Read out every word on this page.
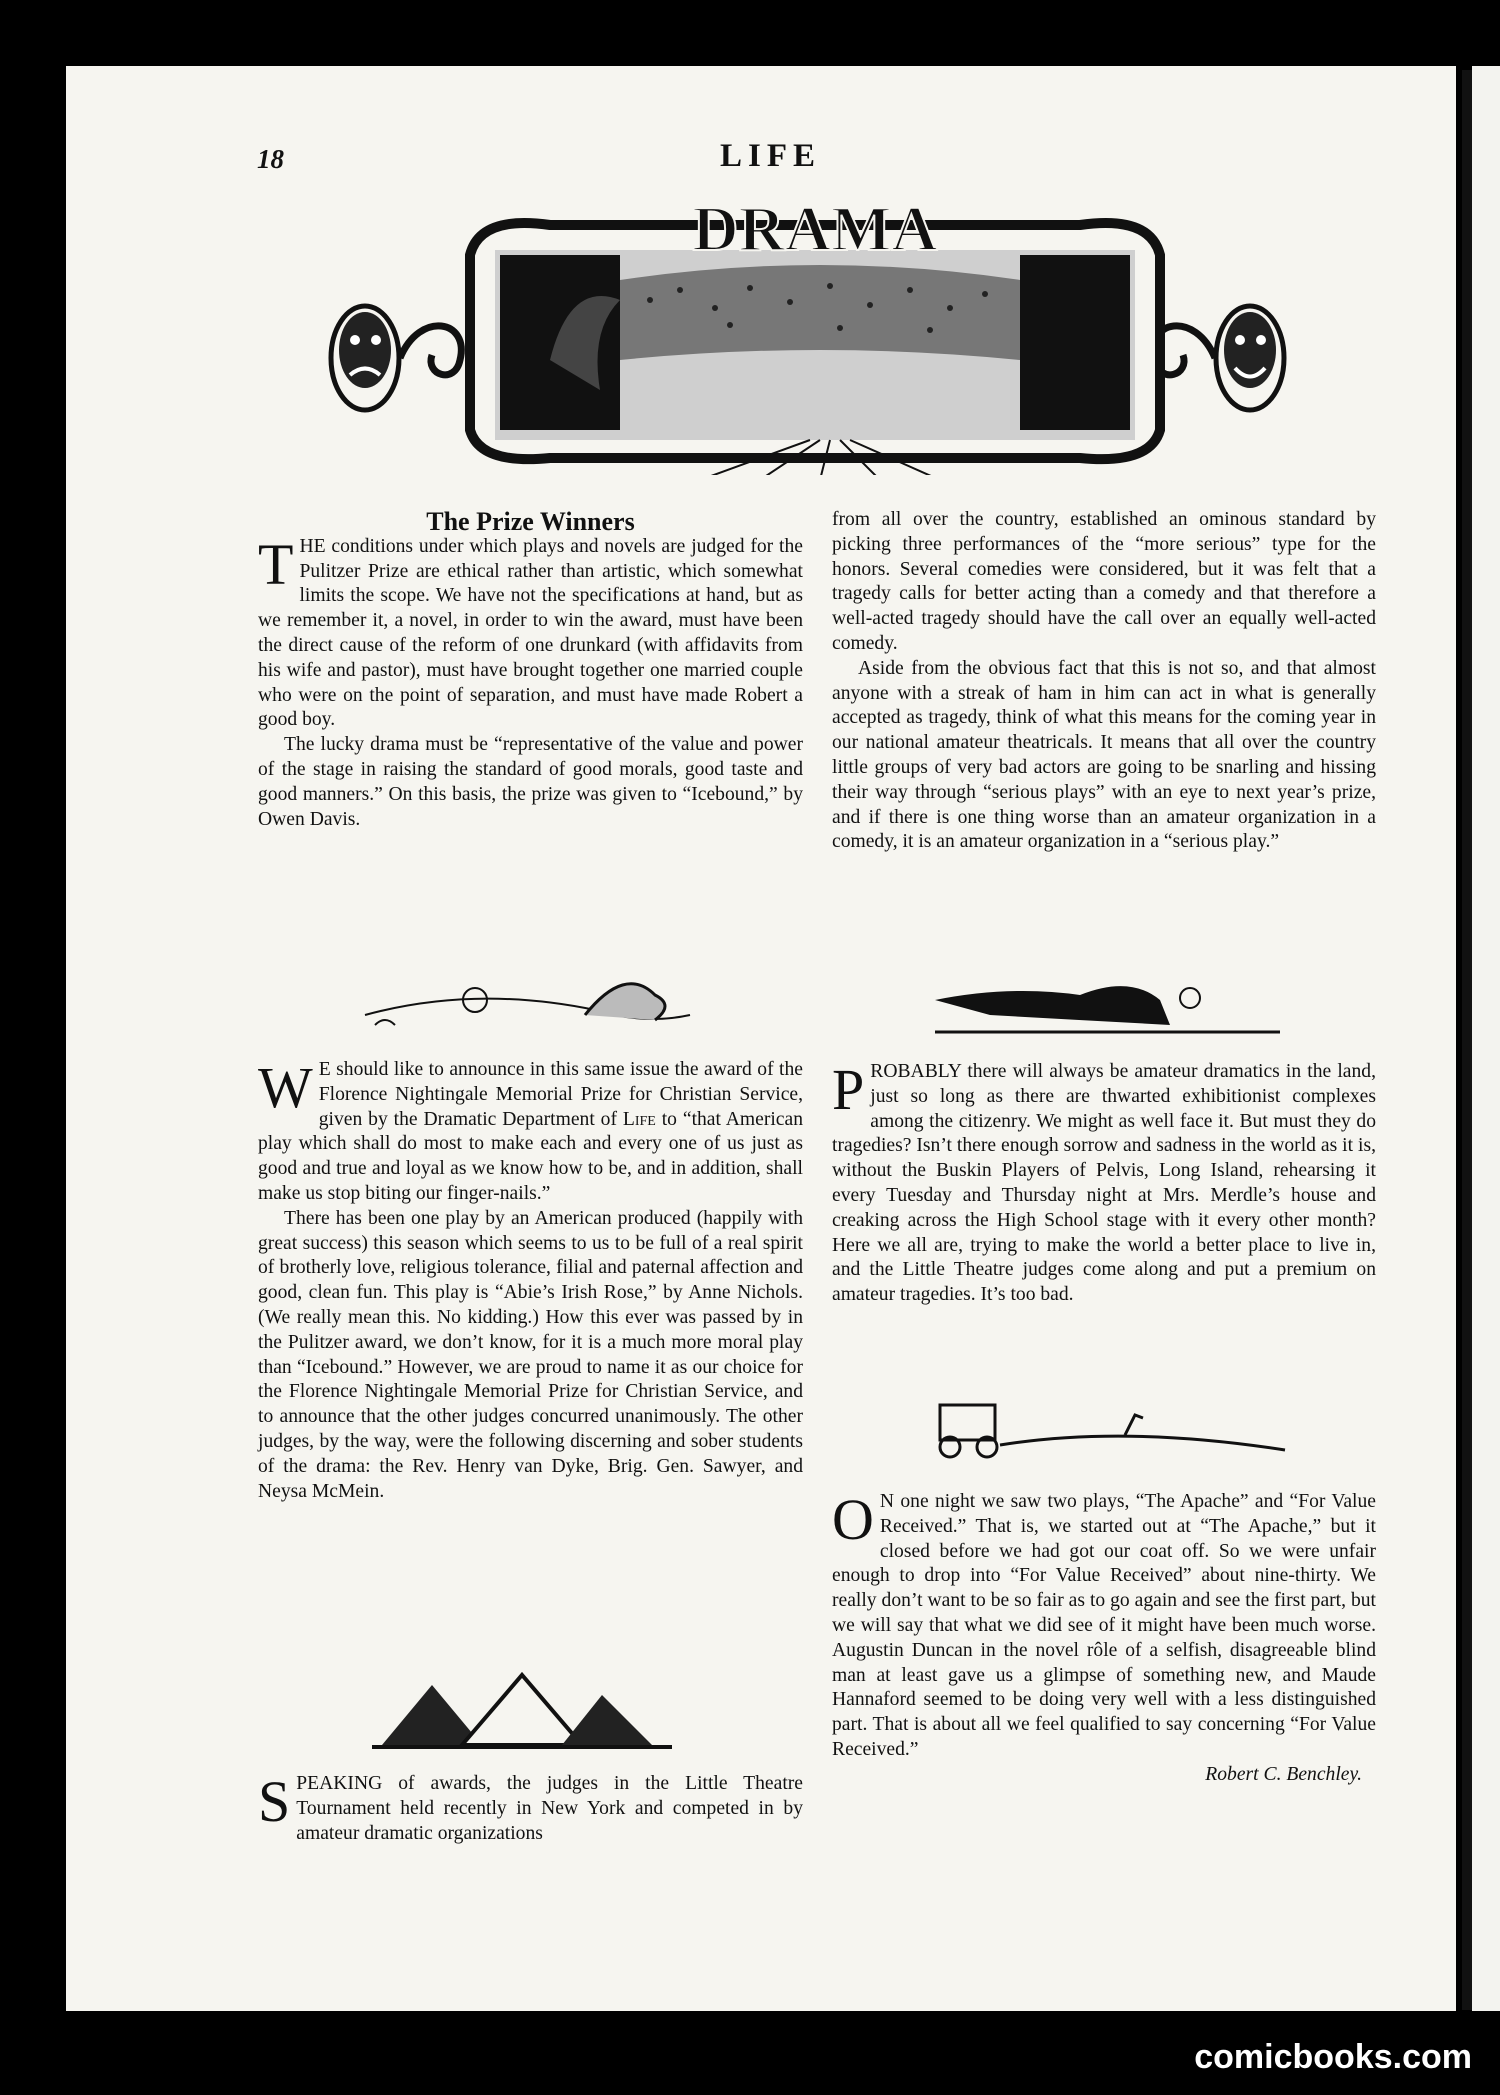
18	LIFE
DRAMA

The Prize Winners

THE conditions under which plays and novels are judged for the Pulitzer Prize are ethical rather than artistic, which somewhat limits the scope. We have not the specifications at hand, but as we remember it, a novel, in order to win the award, must have been the direct cause of the reform of one drunkard (with affidavits from his wife and pastor), must have brought together one married couple who were on the point of separation, and must have made Robert a good boy.

The lucky drama must be “representative of the value and power of the stage in raising the standard of good morals, good taste and good manners.” On this basis, the prize was given to “Icebound,” by Owen Davis.

W E should like to announce in this same issue the award of the Florence Nightingale Memorial Prize for Christian Service, given by the Dramatic Department of Life to “that American play which shall do most to make each and every one of us just as good and true and loyal as we know how to be, and in addition, shall make us stop biting our finger-nails.”

There has been one play by an American produced (happily with great success) this season which seems to us to be full of a real spirit of brotherly love, religious tolerance, filial and paternal affection and good, clean fun. This play is “Abie’s Irish Rose,” by Anne Nichols. (We really mean this. No kidding.) How this ever was passed by in the Pulitzer award, we don’t know, for it is a much more moral play than “Icebound.” However, we are proud to name it as our choice for the Florence Nightingale Memorial Prize for Christian Service, and to announce that the other judges concurred unanimously. The other judges, by the way, were the following discerning and sober students of the drama: the Rev. Henry van Dyke, Brig. Gen. Sawyer, and Neysa McMein.

SPEAKING of awards, the judges in the Little Theatre Tournament held recently in New York and competed in by amateur dramatic organizations

from all over the country, established an ominous standard by picking three performances of the “more serious” type for the honors. Several comedies were considered, but it was felt that a tragedy calls for better acting than a comedy and that therefore a well-acted tragedy should have the call over an equally well-acted comedy.

Aside from the obvious fact that this is not so, and that almost anyone with a streak of ham in him can act in what is generally accepted as tragedy, think of what this means for the coming year in our national amateur theatricals. It means that all over the country little groups of very bad actors are going to be snarling and hissing their way through “serious plays” with an eye to next year’s prize, and if there is one thing worse than an amateur organization in a comedy, it is an amateur organization in a “serious play.”

PROBABLY there will always be amateur dramatics in the land, just so long as there are thwarted exhibitionist complexes among the citizenry. We might as well face it. But must they do tragedies? Isn’t there enough sorrow and sadness in the world as it is, without the Buskin Players of Pelvis, Long Island, rehearsing it every Tuesday and Thursday night at Mrs. Merdle’s house and creaking across the High School stage with it every other month? Here we all are, trying to make the world a better place to live in, and the Little Theatre judges come along and put a premium on amateur tragedies. It’s too bad.

O N one night we saw two plays, “The Apache” and “For Value Received.” That is, we started out at “The Apache,” but it closed before we had got our coat off. So we were unfair enough to drop into “For Value Received” about nine-thirty. We really don’t want to be so fair as to go again and see the first part, but we will say that what we did see of it might have been much worse. Augustin Duncan in the novel rôle of a selfish, disagreeable blind man at least gave us a glimpse of something new, and Maude Hannaford seemed to be doing very well with a less distinguished part. That is about all we feel qualified to say concerning “For Value Received.”

Robert C. Benchley.

comicbooks.com
